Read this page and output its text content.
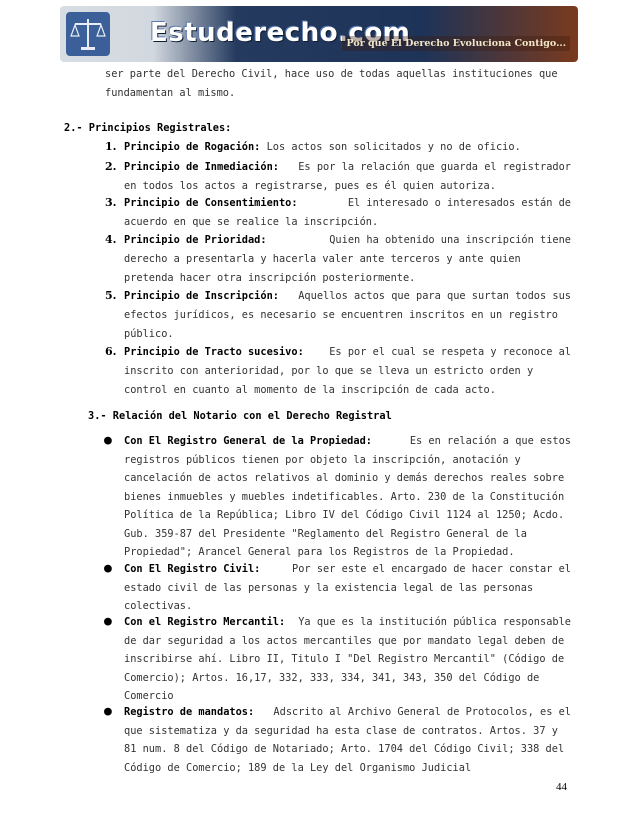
Estuderecho.com
Por que El Derecho Evoluciona Contigo...
ser parte del Derecho Civil, hace uso de todas aquellas instituciones que
fundamentan al mismo.
2.- Principios Registrales:
1. Principio de Rogación: Los actos son solicitados y no de oficio.
2. Principio de Inmediación: Es por la relación que guarda el registrador
en todos los actos a registrarse, pues es él quien autoriza.
3. Principio de Consentimiento:	El interesado o interesados están de
acuerdo en que se realice la inscripción.
4. Principio de Prioridad:	Quien ha obtenido una inscripción tiene
derecho a presentarla y hacerla valer ante terceros y ante quien
pretenda hacer otra inscripción posteriormente.
5. Principio de Inscripción: Aquellos actos que para que surtan todos sus
efectos jurídicos, es necesario se encuentren inscritos en un registro
público.
6. Principio de Tracto sucesivo: Es por el cual se respeta y reconoce al
inscrito con anterioridad, por lo que se lleva un estricto orden y
control en cuanto al momento de la inscripción de cada acto.
3.- Relación del Notario con el Derecho Registral
● Con El Registro General de la Propiedad:	Es en relación a que estos
registros públicos tienen por objeto la inscripción, anotación y
cancelación de actos relativos al dominio y demás derechos reales sobre
bienes inmuebles y muebles indetificables. Arto. 230 de la Constitución
Política de la República; Libro IV del Código Civil 1124 al 1250; Acdo.
Gub. 359-87 del Presidente "Reglamento del Registro General de la
Propiedad"; Arancel General para los Registros de la Propiedad.
● Con El Registro Civil:	Por ser este el encargado de hacer constar el
estado civil de las personas y la existencia legal de las personas
colectivas.
● Con el Registro Mercantil: Ya que es la institución pública responsable
de dar seguridad a los actos mercantiles que por mandato legal deben de
inscribirse ahí. Libro II, Titulo I "Del Registro Mercantil" (Código de
Comercio); Artos. 16,17, 332, 333, 334, 341, 343, 350 del Código de
Comercio
● Registro de mandatos: Adscrito al Archivo General de Protocolos, es el
que sistematiza y da seguridad ha esta clase de contratos. Artos. 37 y
81 num. 8 del Código de Notariado; Arto. 1704 del Código Civil; 338 del
Código de Comercio; 189 de la Ley del Organismo Judicial
44
